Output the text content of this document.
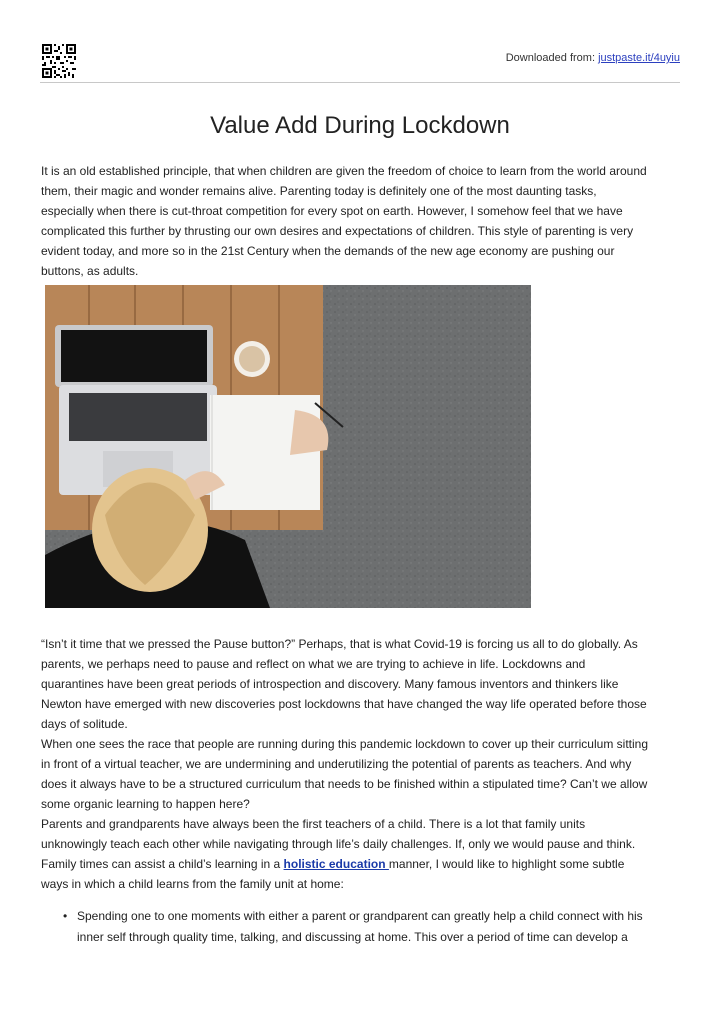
Downloaded from: justpaste.it/4uyiu
Value Add During Lockdown

It is an old established principle, that when children are given the freedom of choice to learn from the world around
them, their magic and wonder remains alive. Parenting today is definitely one of the most daunting tasks,
especially when there is cut-throat competition for every spot on earth. However, I somehow feel that we have
complicated this further by thrusting our own desires and expectations of children. This style of parenting is very
evident today, and more so in the 21st Century when the demands of the new age economy are pushing our
buttons, as adults.

“Isn’t it time that we pressed the Pause button?” Perhaps, that is what Covid-19 is forcing us all to do globally. As
parents, we perhaps need to pause and reflect on what we are trying to achieve in life. Lockdowns and
quarantines have been great periods of introspection and discovery. Many famous inventors and thinkers like
Newton have emerged with new discoveries post lockdowns that have changed the way life operated before those
days of solitude.
When one sees the race that people are running during this pandemic lockdown to cover up their curriculum sitting
in front of a virtual teacher, we are undermining and underutilizing the potential of parents as teachers. And why
does it always have to be a structured curriculum that needs to be finished within a stipulated time? Can’t we allow
some organic learning to happen here?
Parents and grandparents have always been the first teachers of a child. There is a lot that family units
unknowingly teach each other while navigating through life’s daily challenges. If, only we would pause and think.
Family times can assist a child’s learning in a holistic education manner, I would like to highlight some subtle
ways in which a child learns from the family unit at home:

• Spending one to one moments with either a parent or grandparent can greatly help a child connect with his
inner self through quality time, talking, and discussing at home. This over a period of time can develop a
